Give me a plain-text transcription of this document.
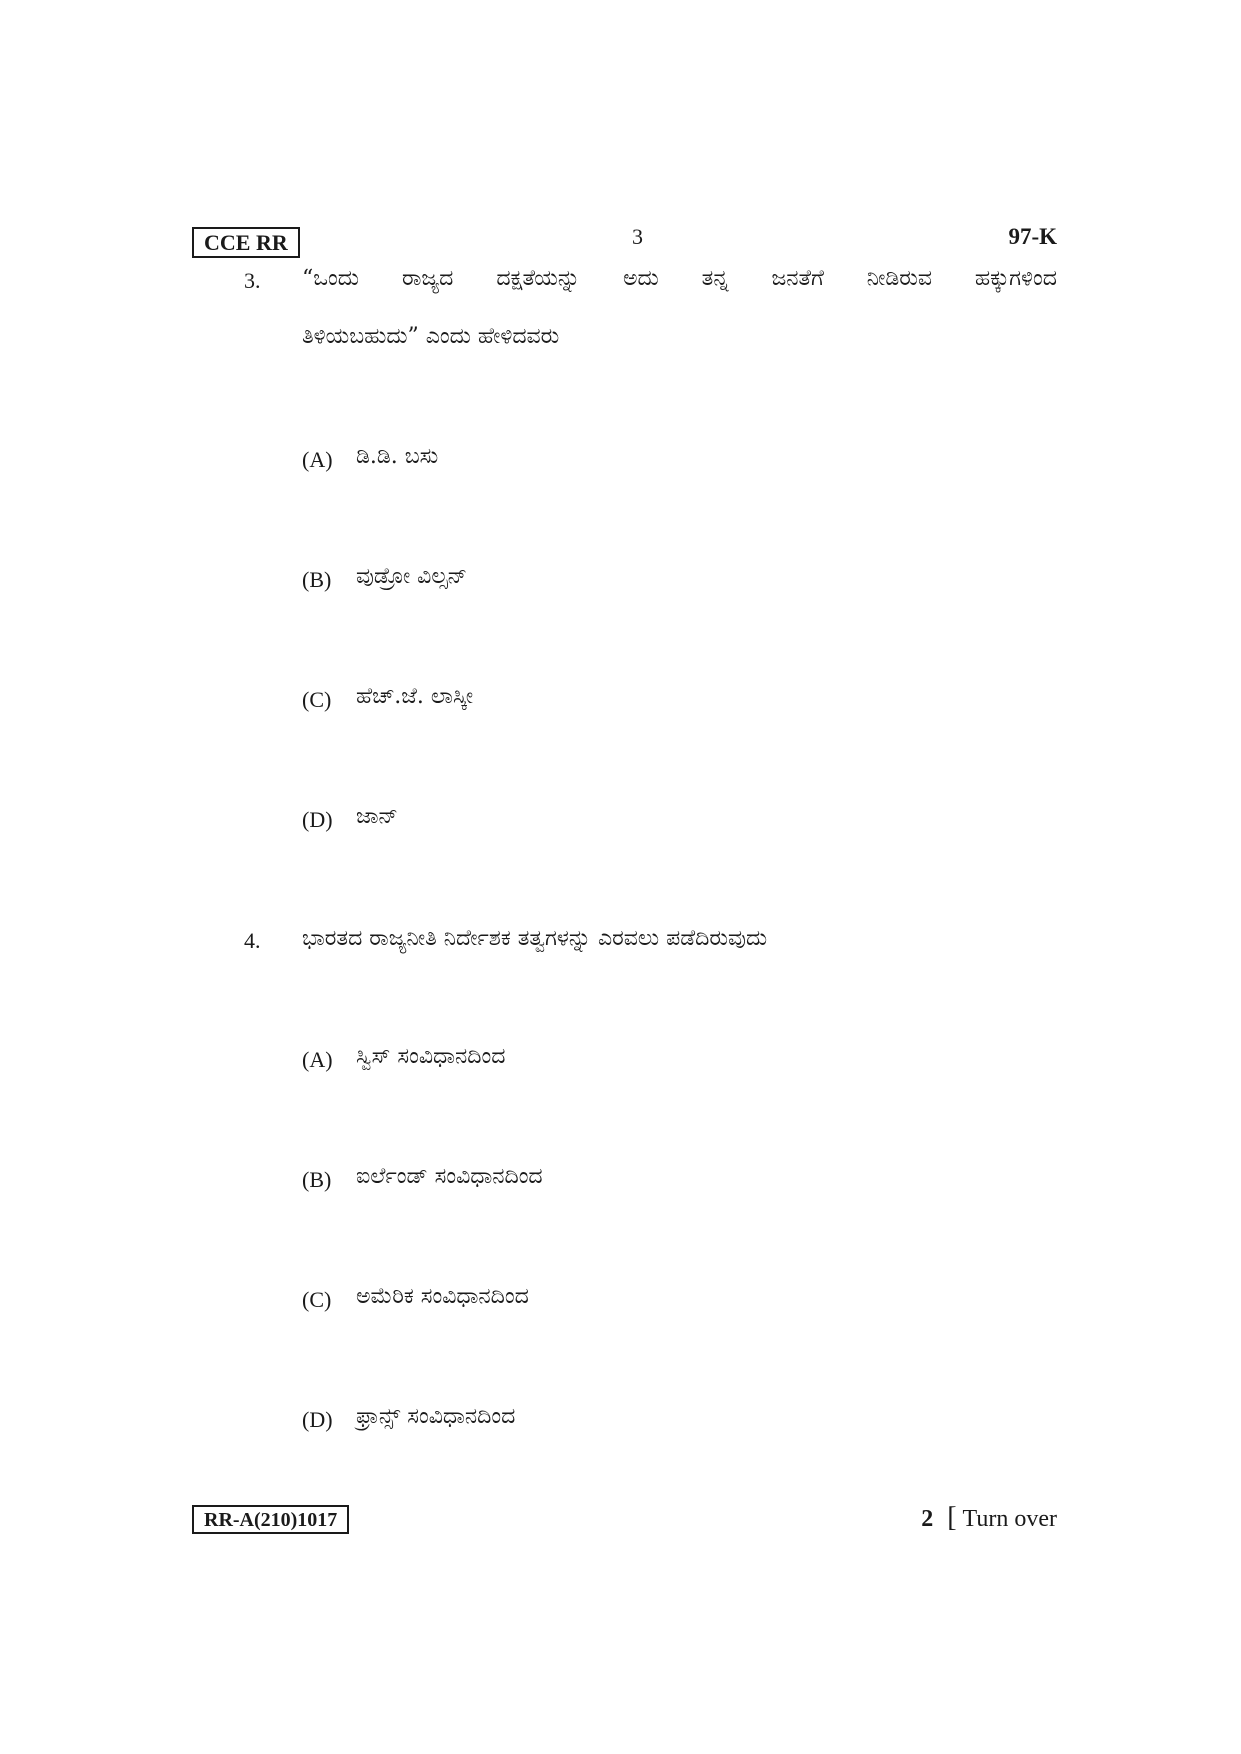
CCE RR	3	97-K
3. “ಒಂದು ರಾಜ್ಯದ ದಕ್ಷತೆಯನ್ನು ಅದು ತನ್ನ ಜನತೆಗೆ ನೀಡಿರುವ ಹಕ್ಕುಗಳಿಂದ
ತಿಳಿಯಬಹುದು” ಎಂದು ಹೇಳಿದವರು
(A) ಡಿ.ಡಿ. ಬಸು
(B) ವುಡ್ರೋ ವಿಲ್ಸನ್
(C) ಹೆಚ್.ಜೆ. ಲಾಸ್ಕೀ
(D) ಜಾನ್
4. ಭಾರತದ ರಾಜ್ಯನೀತಿ ನಿರ್ದೇಶಕ ತತ್ವಗಳನ್ನು ಎರವಲು ಪಡೆದಿರುವುದು
(A) ಸ್ವಿಸ್ ಸಂವಿಧಾನದಿಂದ
(B) ಐರ್ಲೆಂಡ್ ಸಂವಿಧಾನದಿಂದ
(C) ಅಮೆರಿಕ ಸಂವಿಧಾನದಿಂದ
(D) ಫ್ರಾನ್ಸ್ ಸಂವಿಧಾನದಿಂದ
RR-A(210)1017	2 [ Turn over
